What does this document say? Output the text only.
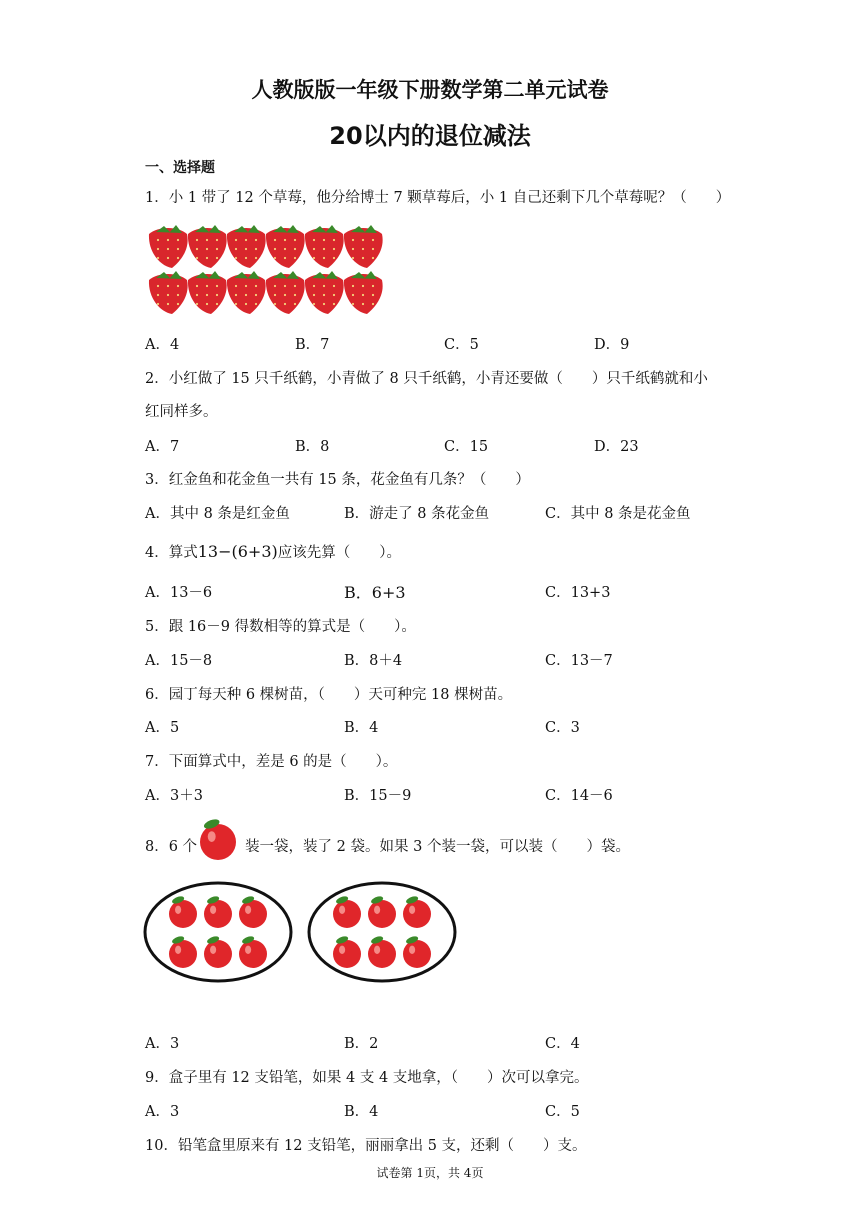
人教版版一年级下册数学第二单元试卷
20以内的退位减法
一、选择题
1．小 1 带了 12 个草莓，他分给博士 7 颗草莓后，小 1 自己还剩下几个草莓呢？（　　）
A．4	B．7	C．5	D．9
2．小红做了 15 只千纸鹤，小青做了 8 只千纸鹤，小青还要做（　　）只千纸鹤就和小
红同样多。
A．7	B．8	C．15	D．23
3．红金鱼和花金鱼一共有 15 条，花金鱼有几条？（　　）
A．其中 8 条是红金鱼	B．游走了 8 条花金鱼	C．其中 8 条是花金鱼
4．算式13−(6+3)应该先算（　　）。
A．13－6	B．6+3	C．13+3
5．跟 16－9 得数相等的算式是（　　）。
A．15－8	B．8＋4	C．13－7
6．园丁每天种 6 棵树苗，（　　）天可种完 18 棵树苗。
A．5	B．4	C．3
7．下面算式中，差是 6 的是（　　）。
A．3＋3	B．15－9	C．14－6
8．6 个	装一袋，装了 2 袋。如果 3 个装一袋，可以装（　　）袋。
A．3	B．2	C．4
9．盒子里有 12 支铅笔，如果 4 支 4 支地拿，（　　）次可以拿完。
A．3	B．4	C．5
10．铅笔盒里原来有 12 支铅笔，丽丽拿出 5 支，还剩（　　）支。
试卷第 1页，共 4页
